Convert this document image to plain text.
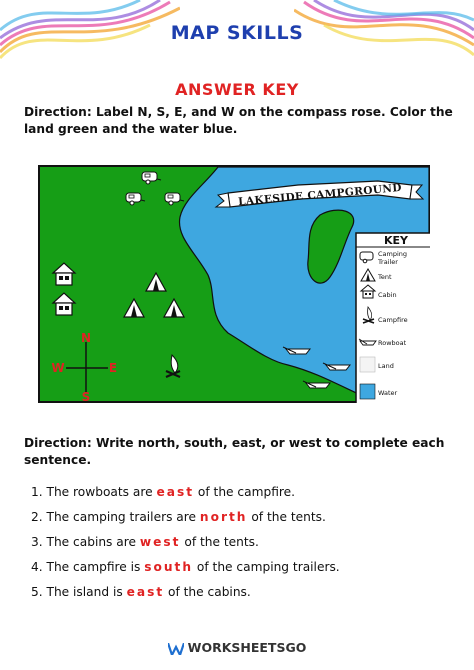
MAP SKILLS
ANSWER KEY
Direction: Label N, S, E, and W on the compass rose. Color the land green and the water blue.
LAKESIDE CAMPGROUND
N
S
W	E
KEY
Camping
Trailer
Tent
Cabin
Campfire
Rowboat
Land
Water
Direction: Write north, south, east, or west to complete each sentence.
1. The rowboats are east of the campfire.
2. The camping trailers are north of the tents.
3. The cabins are west of the tents.
4. The campfire is south of the camping trailers.
5. The island is east of the cabins.
WORKSHEETSGO
